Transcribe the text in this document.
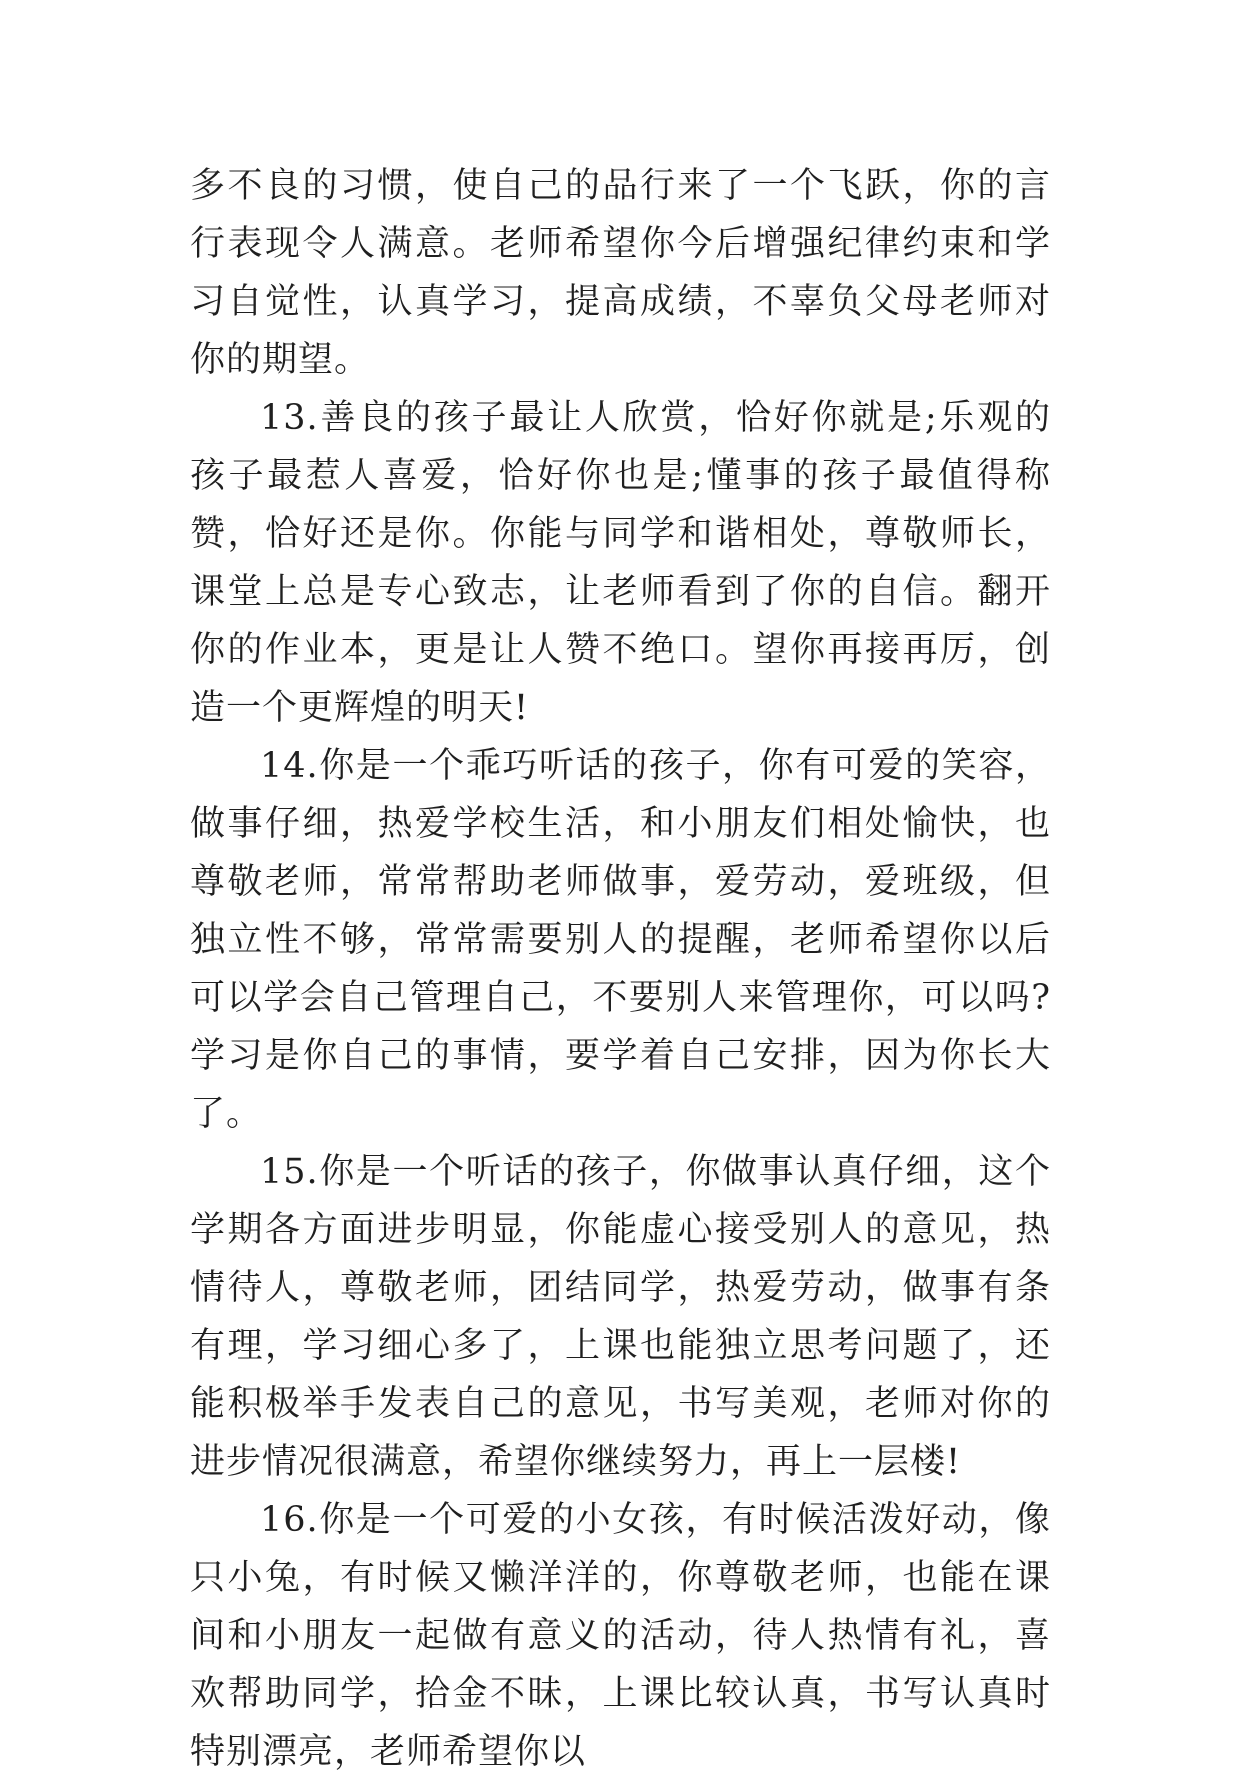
多不良的习惯，使自己的品行来了一个飞跃，你的言行表现令人满意。老师希望你今后增强纪律约束和学习自觉性，认真学习，提高成绩，不辜负父母老师对你的期望。

13.善良的孩子最让人欣赏，恰好你就是;乐观的孩子最惹人喜爱，恰好你也是;懂事的孩子最值得称赞，恰好还是你。你能与同学和谐相处，尊敬师长，课堂上总是专心致志，让老师看到了你的自信。翻开你的作业本，更是让人赞不绝口。望你再接再厉，创造一个更辉煌的明天!

14.你是一个乖巧听话的孩子，你有可爱的笑容，做事仔细，热爱学校生活，和小朋友们相处愉快，也尊敬老师，常常帮助老师做事，爱劳动，爱班级，但独立性不够，常常需要别人的提醒，老师希望你以后可以学会自己管理自己，不要别人来管理你，可以吗?学习是你自己的事情，要学着自己安排，因为你长大了。

15.你是一个听话的孩子，你做事认真仔细，这个学期各方面进步明显，你能虚心接受别人的意见，热情待人，尊敬老师，团结同学，热爱劳动，做事有条有理，学习细心多了，上课也能独立思考问题了，还能积极举手发表自己的意见，书写美观，老师对你的进步情况很满意，希望你继续努力，再上一层楼!

16.你是一个可爱的小女孩，有时候活泼好动，像只小兔，有时候又懒洋洋的，你尊敬老师，也能在课间和小朋友一起做有意义的活动，待人热情有礼，喜欢帮助同学，拾金不昧，上课比较认真，书写认真时特别漂亮，老师希望你以
